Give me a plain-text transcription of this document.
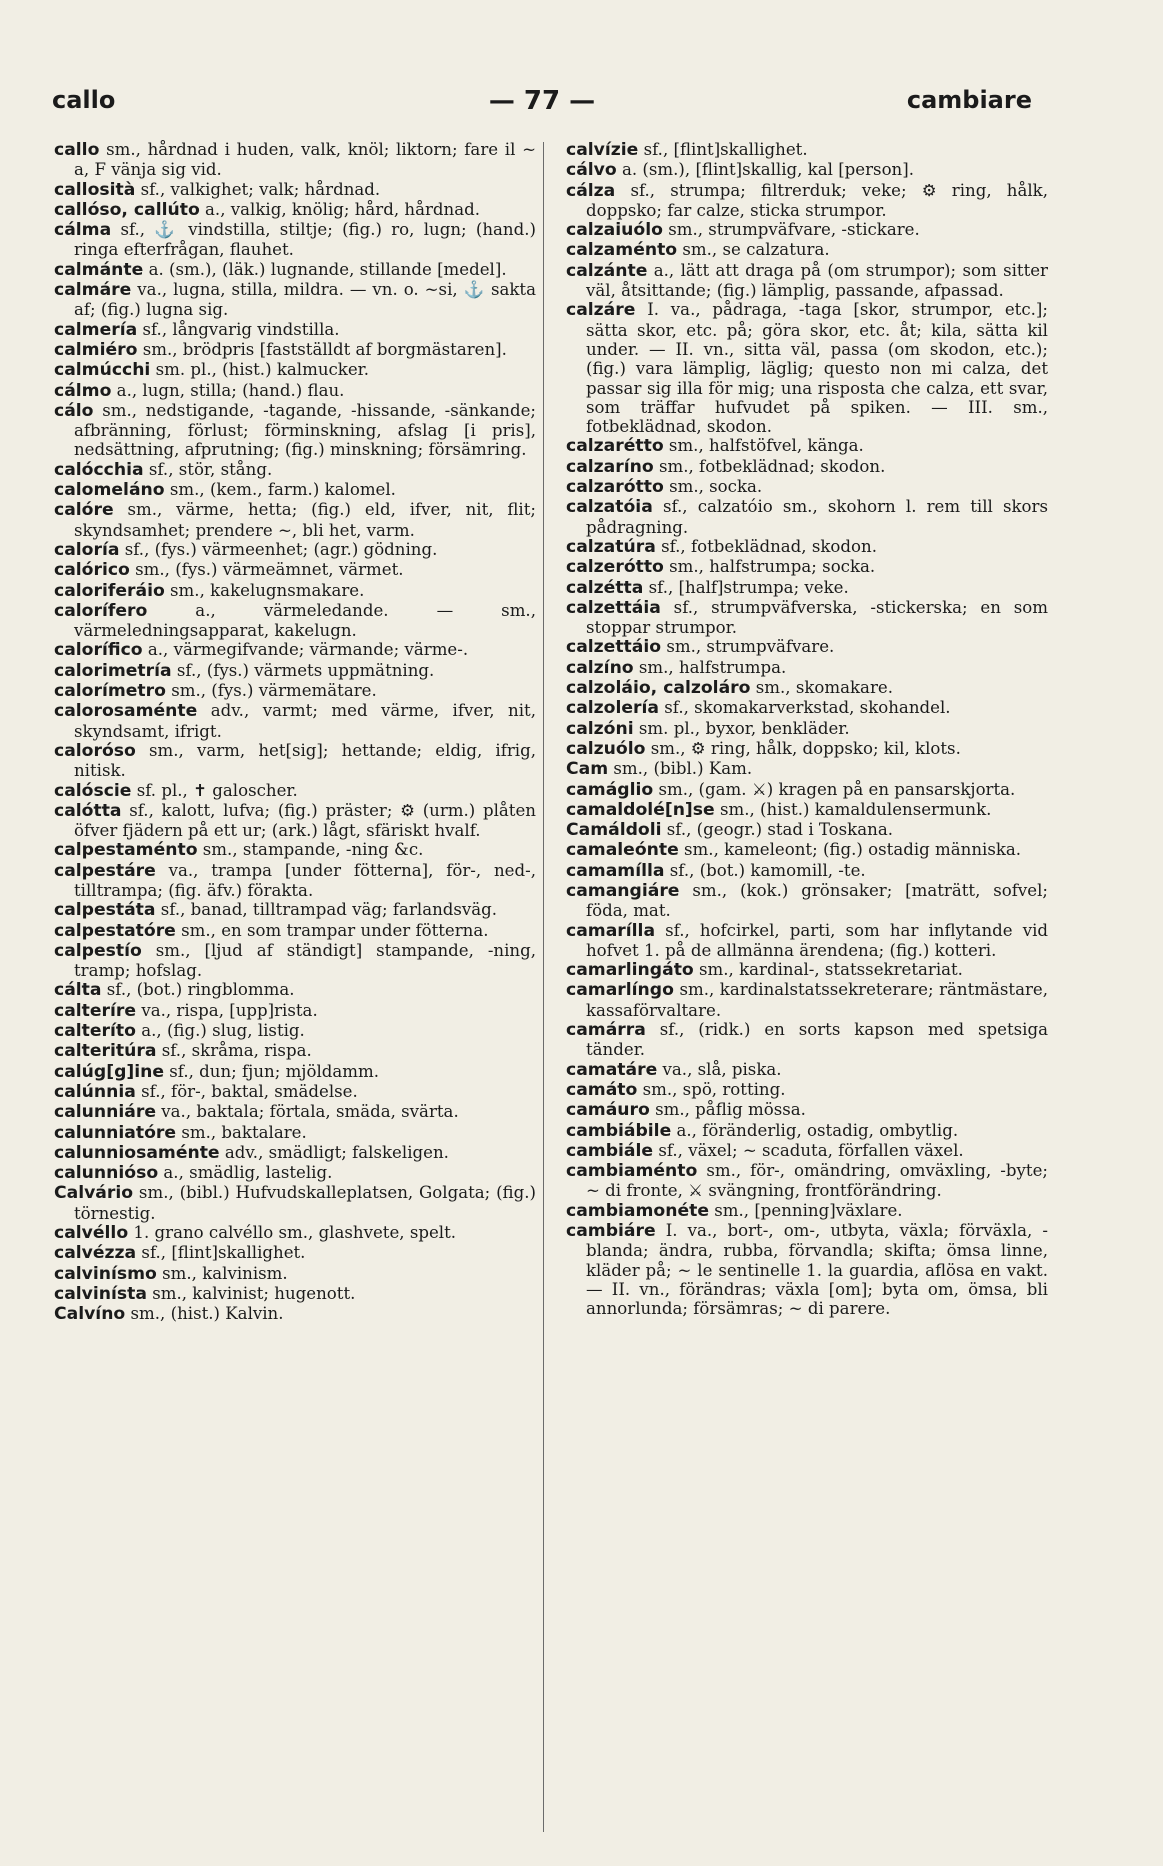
callo	— 77 —	cambiare

callo sm., hårdnad i huden, valk, knöl; liktorn; fare il ~ a, F vänja sig vid.

callosità sf., valkighet; valk; hårdnad.

callóso, callúto a., valkig, knölig; hård, hårdnad.

cálma sf., ⚓ vindstilla, stiltje; (fig.) ro, lugn; (hand.) ringa efterfrågan, flauhet.

calmánte a. (sm.), (läk.) lugnande, stillande [medel].

calmáre va., lugna, stilla, mildra. — vn. o. ~si, ⚓ sakta af; (fig.) lugna sig.

calmería sf., långvarig vindstilla.

calmiéro sm., brödpris [fastställdt af borgmästaren].

calmúcchi sm. pl., (hist.) kalmucker.

cálmo a., lugn, stilla; (hand.) flau.

cálo sm., nedstigande, -tagande, -hissande, -sänkande; afbränning, förlust; förminskning, afslag [i pris], nedsättning, afprutning; (fig.) minskning; försämring.

calócchia sf., stör, stång.

calomeláno sm., (kem., farm.) kalomel.

calóre sm., värme, hetta; (fig.) eld, ifver, nit, flit; skyndsamhet; prendere ~, bli het, varm.

caloría sf., (fys.) värmeenhet; (agr.) gödning.

calórico sm., (fys.) värmeämnet, värmet.

caloriferáio sm., kakelugnsmakare.

calorífero a., värmeledande. — sm., värmeledningsapparat, kakelugn.

calorífico a., värmegifvande; värmande; värme-.

calorimetría sf., (fys.) värmets uppmätning.

calorímetro sm., (fys.) värmemätare.

calorosaménte adv., varmt; med värme, ifver, nit, skyndsamt, ifrigt.

caloróso sm., varm, het[sig]; hettande; eldig, ifrig, nitisk.

calóscie sf. pl., ✝ galoscher.

calótta sf., kalott, lufva; (fig.) präster; ⚙ (urm.) plåten öfver fjädern på ett ur; (ark.) lågt, sfäriskt hvalf.

calpestaménto sm., stampande, -ning &c.

calpestáre va., trampa [under fötterna], för-, ned-, tilltrampa; (fig. äfv.) förakta.

calpestáta sf., banad, tilltrampad väg; farlandsväg.

calpestatóre sm., en som trampar under fötterna.

calpestío sm., [ljud af ständigt] stampande, -ning, tramp; hofslag.

cálta sf., (bot.) ringblomma.

calteríre va., rispa, [upp]rista.

calteríto a., (fig.) slug, listig.

calteritúra sf., skråma, rispa.

calúg[g]ine sf., dun; fjun; mjöldamm.

calúnnia sf., för-, baktal, smädelse.

calunniáre va., baktala; förtala, smäda, svärta.

calunniatóre sm., baktalare.

calunniosaménte adv., smädligt; falskeligen.

calunnióso a., smädlig, lastelig.

Calvário sm., (bibl.) Hufvudskalleplatsen, Golgata; (fig.) törnestig.

calvéllo 1. grano calvéllo sm., glashvete, spelt.

calvézza sf., [flint]skallighet.

calvinísmo sm., kalvinism.

calvinísta sm., kalvinist; hugenott.

Calvíno sm., (hist.) Kalvin.

calvízie sf., [flint]skallighet.

cálvo a. (sm.), [flint]skallig, kal [person].

cálza sf., strumpa; filtrerduk; veke; ⚙ ring, hålk, doppsko; far calze, sticka strumpor.

calzaiuólo sm., strumpväfvare, -stickare.

calzaménto sm., se calzatura.

calzánte a., lätt att draga på (om strumpor); som sitter väl, åtsittande; (fig.) lämplig, passande, afpassad.

calzáre I. va., pådraga, -taga [skor, strumpor, etc.]; sätta skor, etc. på; göra skor, etc. åt; kila, sätta kil under. — II. vn., sitta väl, passa (om skodon, etc.); (fig.) vara lämplig, läglig; questo non mi calza, det passar sig illa för mig; una risposta che calza, ett svar, som träffar hufvudet på spiken. — III. sm., fotbeklädnad, skodon.

calzarétto sm., halfstöfvel, känga.

calzaríno sm., fotbeklädnad; skodon.

calzarótto sm., socka.

calzatóia sf., calzatóio sm., skohorn l. rem till skors pådragning.

calzatúra sf., fotbeklädnad, skodon.

calzerótto sm., halfstrumpa; socka.

calzétta sf., [half]strumpa; veke.

calzettáia sf., strumpväfverska, -stickerska; en som stoppar strumpor.

calzettáio sm., strumpväfvare.

calzíno sm., halfstrumpa.

calzoláio, calzoláro sm., skomakare.

calzolería sf., skomakarverkstad, skohandel.

calzóni sm. pl., byxor, benkläder.

calzuólo sm., ⚙ ring, hålk, doppsko; kil, klots.

Cam sm., (bibl.) Kam.

camáglio sm., (gam. ⚔) kragen på en pansarskjorta.

camaldolé[n]se sm., (hist.) kamaldulensermunk.

Camáldoli sf., (geogr.) stad i Toskana.

camaleónte sm., kameleont; (fig.) ostadig människa.

camamílla sf., (bot.) kamomill, -te.

camangiáre sm., (kok.) grönsaker; [maträtt, sofvel; föda, mat.

camarílla sf., hofcirkel, parti, som har inflytande vid hofvet 1. på de allmänna ärendena; (fig.) kotteri.

camarlingáto sm., kardinal-, statssekretariat.

camarlíngo sm., kardinalstatssekreterare; räntmästare, kassaförvaltare.

camárra sf., (ridk.) en sorts kapson med spetsiga tänder.

camatáre va., slå, piska.

camáto sm., spö, rotting.

camáuro sm., påflig mössa.

cambiábile a., föränderlig, ostadig, ombytlig.

cambiále sf., växel; ~ scaduta, förfallen växel.

cambiaménto sm., för-, omändring, omväxling, -byte; ~ di fronte, ⚔ svängning, frontförändring.

cambiamonéte sm., [penning]växlare.

cambiáre I. va., bort-, om-, utbyta, växla; förväxla, -blanda; ändra, rubba, förvandla; skifta; ömsa linne, kläder på; ~ le sentinelle 1. la guardia, aflösa en vakt. — II. vn., förändras; växla [om]; byta om, ömsa, bli annorlunda; försämras; ~ di parere.
